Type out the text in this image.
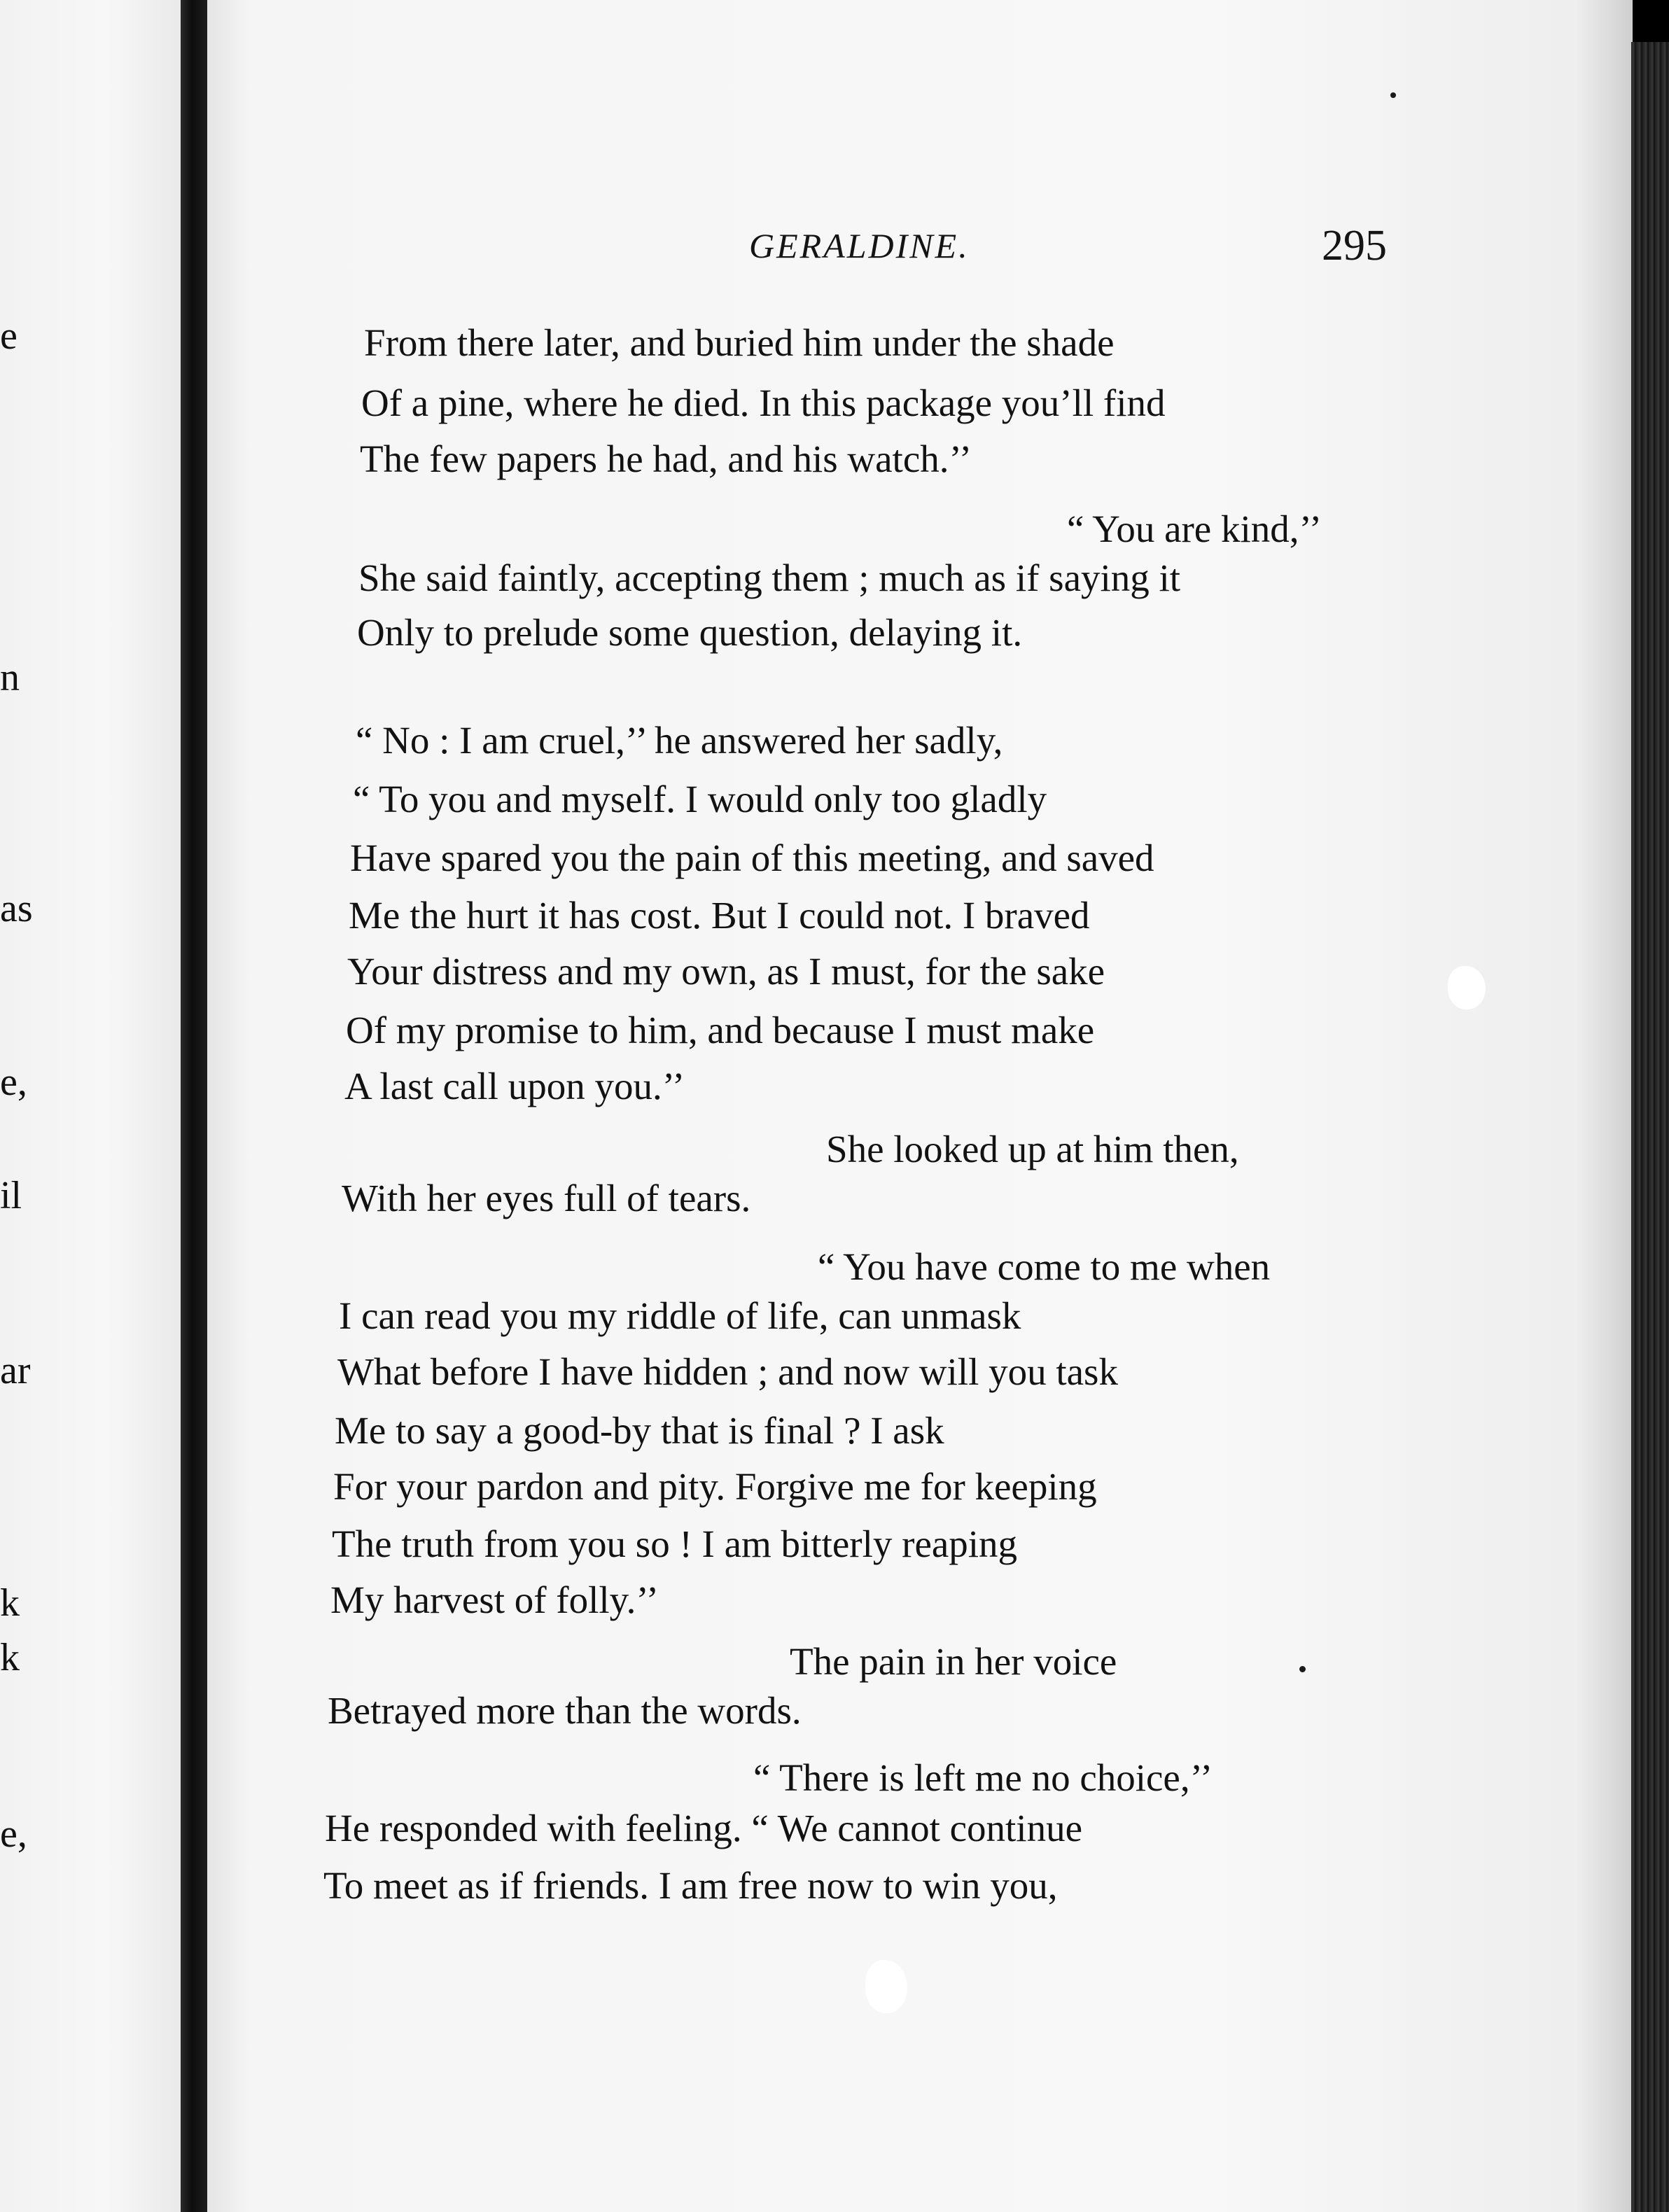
e
n
as
e,
il
ar
k
k
e,
GERALDINE.	295
From there later, and buried him under the shade
Of a pine, where he died. In this package you’ll find
The few papers he had, and his watch.’’
“ You are kind,’’
She said faintly, accepting them ; much as if saying it
Only to prelude some question, delaying it.
“ No : I am cruel,’’ he answered her sadly,
“ To you and myself. I would only too gladly
Have spared you the pain of this meeting, and saved
Me the hurt it has cost. But I could not. I braved
Your distress and my own, as I must, for the sake
Of my promise to him, and because I must make
A last call upon you.’’
She looked up at him then,
With her eyes full of tears.
“ You have come to me when
I can read you my riddle of life, can unmask
What before I have hidden ; and now will you task
Me to say a good-by that is final ? I ask
For your pardon and pity. Forgive me for keeping
The truth from you so ! I am bitterly reaping
My harvest of folly.’’
The pain in her voice
Betrayed more than the words.
“ There is left me no choice,’’
He responded with feeling. “ We cannot continue
To meet as if friends. I am free now to win you,
